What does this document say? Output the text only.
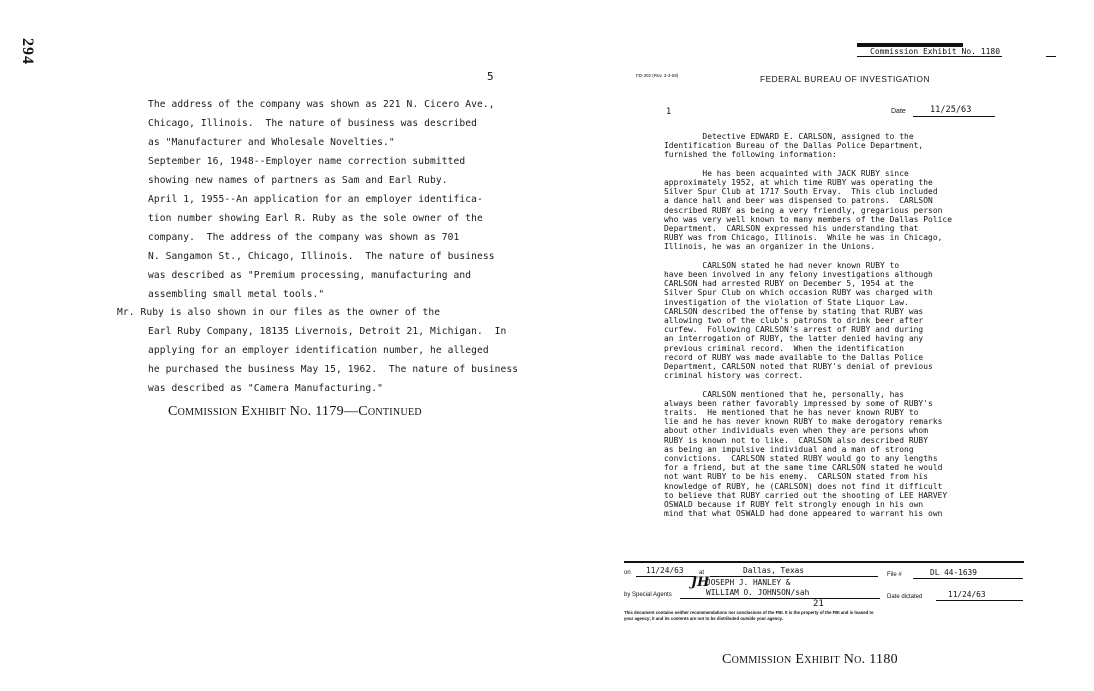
294
5
The address of the company was shown as 221 N. Cicero Ave.,
Chicago, Illinois.  The nature of business was described
as "Manufacturer and Wholesale Novelties."
September 16, 1948--Employer name correction submitted
showing new names of partners as Sam and Earl Ruby.
April 1, 1955--An application for an employer identifica-
tion number showing Earl R. Ruby as the sole owner of the
company.  The address of the company was shown as 701
N. Sangamon St., Chicago, Illinois.  The nature of business
was described as "Premium processing, manufacturing and
assembling small metal tools."
Mr. Ruby is also shown in our files as the owner of the
Earl Ruby Company, 18135 Livernois, Detroit 21, Michigan.  In
applying for an employer identification number, he alleged
he purchased the business May 15, 1962.  The nature of business
was described as "Camera Manufacturing."
Commission Exhibit No. 1179—Continued
Commission Exhibit No. 1180
FD-302 (Rev. 3-3-59)	FEDERAL BUREAU OF INVESTIGATION
1	Date	11/25/63
Detective EDWARD E. CARLSON, assigned to the
Identification Bureau of the Dallas Police Department,
furnished the following information:
He has been acquainted with JACK RUBY since
approximately 1952, at which time RUBY was operating the
Silver Spur Club at 1717 South Ervay.  This club included
a dance hall and beer was dispensed to patrons.  CARLSON
described RUBY as being a very friendly, gregarious person
who was very well known to many members of the Dallas Police
Department.  CARLSON expressed his understanding that
RUBY was from Chicago, Illinois.  While he was in Chicago,
Illinois, he was an organizer in the Unions.
CARLSON stated he had never known RUBY to
have been involved in any felony investigations although
CARLSON had arrested RUBY on December 5, 1954 at the
Silver Spur Club on which occasion RUBY was charged with
investigation of the violation of State Liquor Law.
CARLSON described the offense by stating that RUBY was
allowing two of the club's patrons to drink beer after
curfew.  Following CARLSON's arrest of RUBY and during
an interrogation of RUBY, the latter denied having any
previous criminal record.  When the identification
record of RUBY was made available to the Dallas Police
Department, CARLSON noted that RUBY's denial of previous
criminal history was correct.
CARLSON mentioned that he, personally, has
always been rather favorably impressed by some of RUBY's
traits.  He mentioned that he has never known RUBY to
lie and he has never known RUBY to make derogatory remarks
about other individuals even when they are persons whom
RUBY is known not to like.  CARLSON also described RUBY
as being an impulsive individual and a man of strong
convictions.  CARLSON stated RUBY would go to any lengths
for a friend, but at the same time CARLSON stated he would
not want RUBY to be his enemy.  CARLSON stated from his
knowledge of RUBY, he (CARLSON) does not find it difficult
to believe that RUBY carried out the shooting of LEE HARVEY
OSWALD because if RUBY felt strongly enough in his own
mind that what OSWALD had done appeared to warrant his own
on 11/24/63	at	Dallas, Texas	File #	DL 44-1639
JH
JOSEPH J. HANLEY &
by Special Agents	WILLIAM O. JOHNSON/sah	Date dictated	11/24/63
21
This document contains neither recommendations nor conclusions of the FBI. It is the property of the FBI and is loaned to
your agency; it and its contents are not to be distributed outside your agency.
Commission Exhibit No. 1180
